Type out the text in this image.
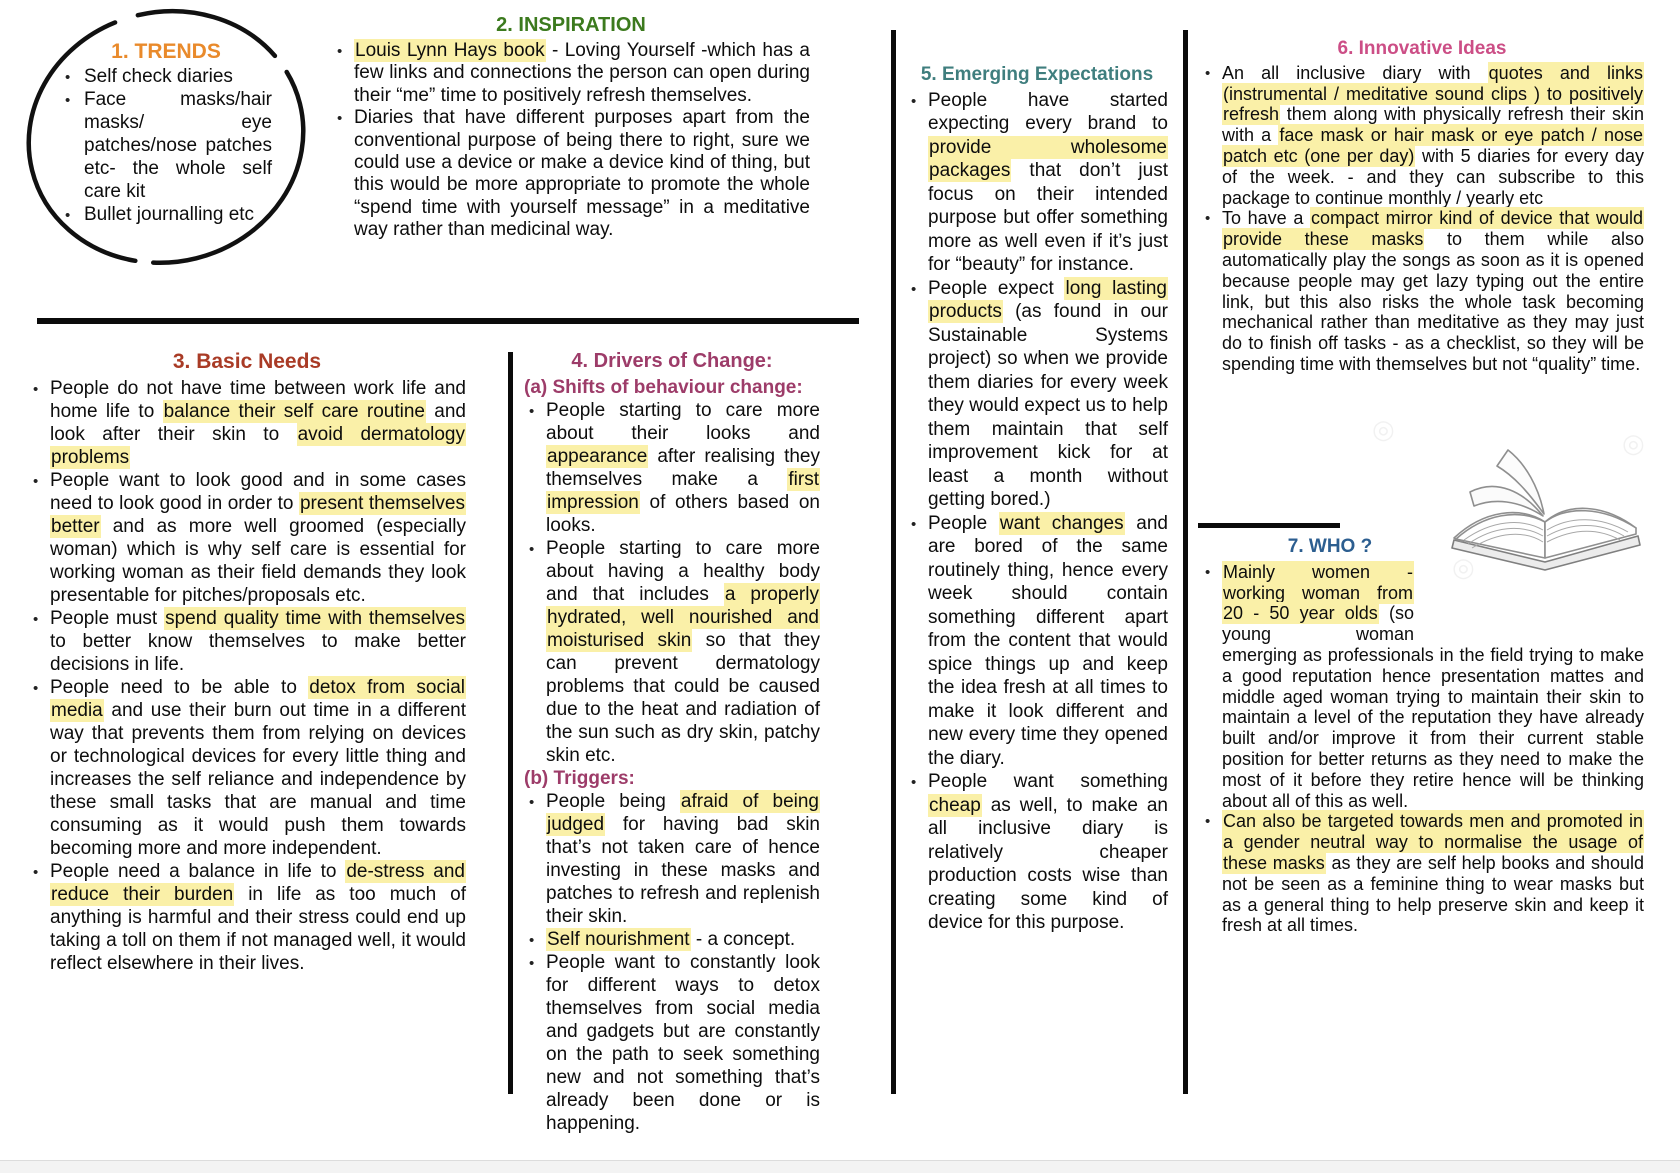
1. TRENDS
• Self check diaries
• Face masks/hair masks/ eye patches/nose patches etc- the whole self care kit
• Bullet journalling etc
2. INSPIRATION
• Louis Lynn Hays book - Loving Yourself -which has a few links and connections the person can open during their “me” time to positively refresh themselves.
• Diaries that have different purposes apart from the conventional purpose of being there to right, sure we could use a device or make a device kind of thing, but this would be more appropriate to promote the whole “spend time with yourself message” in a meditative way rather than medicinal way.
3. Basic Needs
• People do not have time between work life and home life to balance their self care routine and look after their skin to avoid dermatology problems
• People want to look good and in some cases need to look good in order to present themselves better and as more well groomed (especially woman) which is why self care is essential for working woman as their field demands they look presentable for pitches/proposals etc.
• People must spend quality time with themselves to better know themselves to make better decisions in life.
• People need to be able to detox from social media and use their burn out time in a different way that prevents them from relying on devices or technological devices for every little thing and increases the self reliance and independence by these small tasks that are manual and time consuming as it would push them towards becoming more and more independent.
• People need a balance in life to de-stress and reduce their burden in life as too much of anything is harmful and their stress could end up taking a toll on them if not managed well, it would reflect elsewhere in their lives.
4. Drivers of Change:
(a) Shifts of behaviour change:
• People starting to care more about their looks and appearance after realising they themselves make a first impression of others based on looks.
• People starting to care more about having a healthy body and that includes a properly hydrated, well nourished and moisturised skin so that they can prevent dermatology problems that could be caused due to the heat and radiation of the sun such as dry skin, patchy skin etc.
(b) Triggers:
• People being afraid of being judged for having bad skin that’s not taken care of hence investing in these masks and patches to refresh and replenish their skin.
• Self nourishment - a concept.
• People want to constantly look for different ways to detox themselves from social media and gadgets but are constantly on the path to seek something new and not something that’s already been done or is happening.
5. Emerging Expectations
• People have started expecting every brand to provide wholesome packages that don’t just focus on their intended purpose but offer something more as well even if it’s just for “beauty” for instance.
• People expect long lasting products (as found in our Sustainable Systems project) so when we provide them diaries for every week they would expect us to help them maintain that self improvement kick for at least a month without getting bored.)
• People want changes and are bored of the same routinely thing, hence every week should contain something different apart from the content that would spice things up and keep the idea fresh at all times to make it look different and new every time they opened the diary.
• People want something cheap as well, to make an all inclusive diary is relatively cheaper production costs wise than creating some kind of device for this purpose.
6. Innovative Ideas
• An all inclusive diary with quotes and links (instrumental / meditative sound clips ) to positively refresh them along with physically refresh their skin with a face mask or hair mask or eye patch / nose patch etc (one per day) with 5 diaries for every day of the week. - and they can subscribe to this package to continue monthly / yearly etc
• To have a compact mirror kind of device that would provide these masks to them while also automatically play the songs as soon as it is opened because people may get lazy typing out the entire link, but this also risks the whole task becoming mechanical rather than meditative as they may just do to finish off tasks - as a checklist, so they will be spending time with themselves but not “quality” time.
7. WHO ?
• Mainly women - working woman from 20 - 50 year olds (so young woman emerging as professionals in the field trying to make a good reputation hence presentation mattes and middle aged woman trying to maintain their skin to maintain a level of the reputation they have already built and/or improve it from their current stable position for better returns as they need to make the most of it before they retire hence will be thinking about all of this as well.
• Can also be targeted towards men and promoted in a gender neutral way to normalise the usage of these masks as they are self help books and should not be seen as a feminine thing to wear masks but as a general thing to help preserve skin and keep it fresh at all times.
◎	◎
◎
